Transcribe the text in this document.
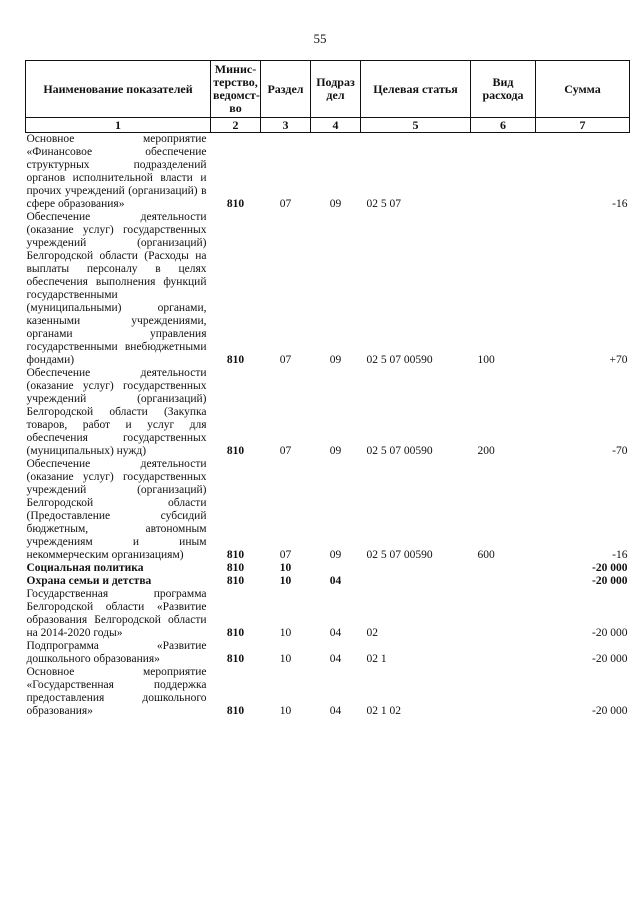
55
Наименование показателей	Минис-терство, ведомст-во	Раздел	Подраз дел	Целевая статья	Вид расхода	Сумма
1	2	3	4	5	6	7
Основное мероприятие «Финансовое обеспечение структурных подразделений органов исполнительной власти и прочих учреждений (организаций) в сфере образования»	810	07	09	02 5 07		-16
Обеспечение деятельности (оказание услуг) государственных учреждений (организаций) Белгородской области (Расходы на выплаты персоналу в целях обеспечения выполнения функций государственными (муниципальными) органами, казенными учреждениями, органами управления государственными внебюджетными фондами)	810	07	09	02 5 07 00590	100	+70
Обеспечение деятельности (оказание услуг) государственных учреждений (организаций) Белгородской области (Закупка товаров, работ и услуг для обеспечения государственных (муниципальных) нужд)	810	07	09	02 5 07 00590	200	-70
Обеспечение деятельности (оказание услуг) государственных учреждений (организаций) Белгородской области (Предоставление субсидий бюджетным, автономным учреждениям и иным некоммерческим организациям)	810	07	09	02 5 07 00590	600	-16
Социальная политика	810	10				-20 000
Охрана семьи и детства	810	10	04			-20 000
Государственная программа Белгородской области «Развитие образования Белгородской области на 2014-2020 годы»	810	10	04	02		-20 000
Подпрограмма «Развитие дошкольного образования»	810	10	04	02 1		-20 000
Основное мероприятие «Государственная поддержка предоставления дошкольного образования»	810	10	04	02 1 02		-20 000
